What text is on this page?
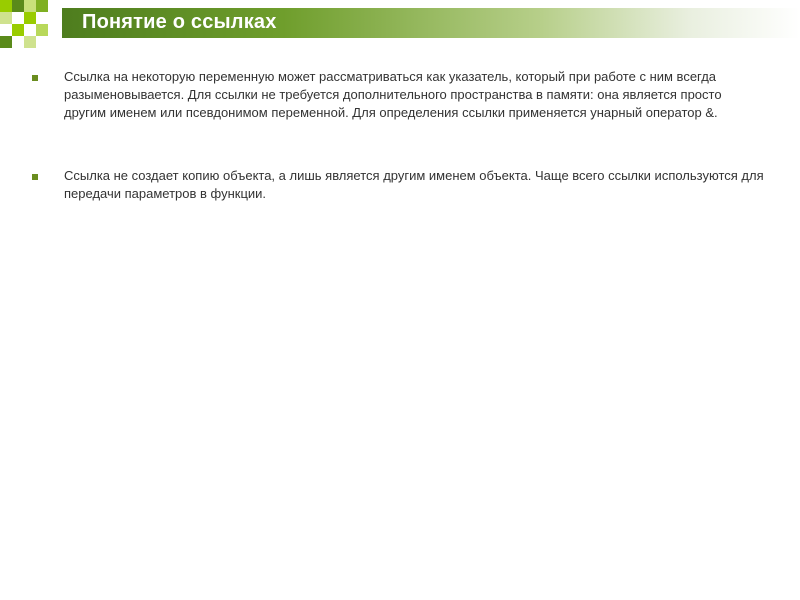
Понятие о ссылках
Ссылка на некоторую переменную может рассматриваться как указатель, который при работе с ним всегда разыменовывается. Для ссылки не требуется дополнительного пространства в памяти: она является просто другим именем или псевдонимом переменной. Для определения ссылки применяется унарный оператор &.
Ссылка не создает копию объекта, а лишь является другим именем объекта. Чаще всего ссылки используются для передачи параметров в функции.
